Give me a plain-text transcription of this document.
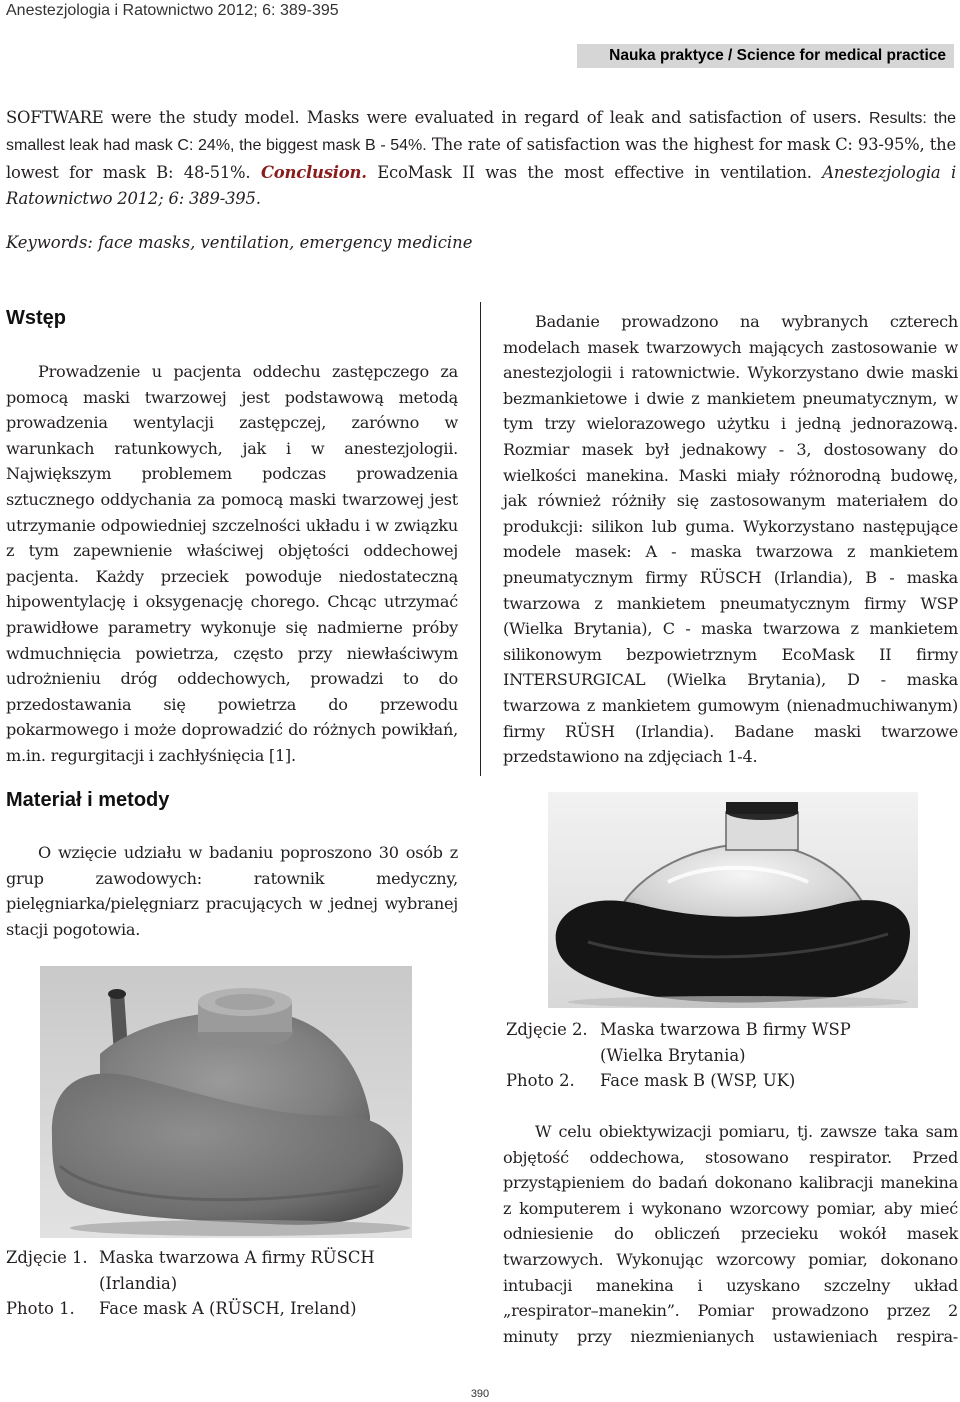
Anestezjologia i Ratownictwo 2012; 6: 389-395
Nauka praktyce / Science for medical practice
SOFTWARE were the study model. Masks were evaluated in regard of leak and satisfaction of users. Results: the smallest leak had mask C: 24%, the biggest mask B - 54%. The rate of satisfaction was the highest for mask C: 93-95%, the lowest for mask B: 48-51%. Conclusion. EcoMask II was the most effective in ventilation. Anestezjologia i Ratownictwo 2012; 6: 389-395.
Keywords: face masks, ventilation, emergency medicine
Wstęp

Prowadzenie u pacjenta oddechu zastępczego za pomocą maski twarzowej jest podstawową metodą prowadzenia wentylacji zastępczej, zarówno w warunkach ratunkowych, jak i w anestezjologii. Największym problemem podczas prowadzenia sztucznego oddychania za pomocą maski twarzowej jest utrzymanie odpowiedniej szczelności układu i w związku z tym zapewnienie właściwej objętości oddechowej pacjenta. Każdy przeciek powoduje niedostateczną hipowentylację i oksygenację chorego. Chcąc utrzymać prawidłowe parametry wykonuje się nadmierne próby wdmuchnięcia powietrza, często przy niewłaściwym udrożnieniu dróg oddechowych, prowadzi to do przedostawania się powietrza do przewodu pokarmowego i może doprowadzić do różnych powikłań, m.in. regurgitacji i zachłyśnięcia [1].

Materiał i metody

O wzięcie udziału w badaniu poproszono 30 osób z grup zawodowych: ratownik medyczny, pielęgniarka/pielęgniarz pracujących w jednej wybranej stacji pogotowia.

Zdjęcie 1. Maska twarzowa A firmy RÜSCH
(Irlandia)
Photo 1. Face mask A (RÜSCH, Ireland)

Badanie prowadzono na wybranych czterech modelach masek twarzowych mających zastosowanie w anestezjologii i ratownictwie. Wykorzystano dwie maski bezmankietowe i dwie z mankietem pneumatycznym, w tym trzy wielorazowego użytku i jedną jednorazową. Rozmiar masek był jednakowy - 3, dostosowany do wielkości manekina. Maski miały różnorodną budowę, jak również różniły się zastosowanym materiałem do produkcji: silikon lub guma. Wykorzystano następujące modele masek: A - maska twarzowa z mankietem pneumatycznym firmy RÜSCH (Irlandia), B - maska twarzowa z mankietem pneumatycznym firmy WSP (Wielka Brytania), C - maska twarzowa z mankietem silikonowym bezpowietrznym EcoMask II firmy INTERSURGICAL (Wielka Brytania), D - maska twarzowa z mankietem gumowym (nienadmuchiwanym) firmy RÜSH (Irlandia). Badane maski twarzowe przedstawiono na zdjęciach 1-4.

Zdjęcie 2. Maska twarzowa B firmy WSP
(Wielka Brytania)
Photo 2. Face mask B (WSP, UK)

W celu obiektywizacji pomiaru, tj. zawsze taka sam objętość oddechowa, stosowano respirator. Przed przystąpieniem do badań dokonano kalibracji manekina z komputerem i wykonano wzorcowy pomiar, aby mieć odniesienie do obliczeń przecieku wokół masek twarzowych. Wykonując wzorcowy pomiar, dokonano intubacji manekina i uzyskano szczelny układ „respirator–manekin”. Pomiar prowadzono przez 2 minuty przy niezmienianych ustawieniach respira-

390
